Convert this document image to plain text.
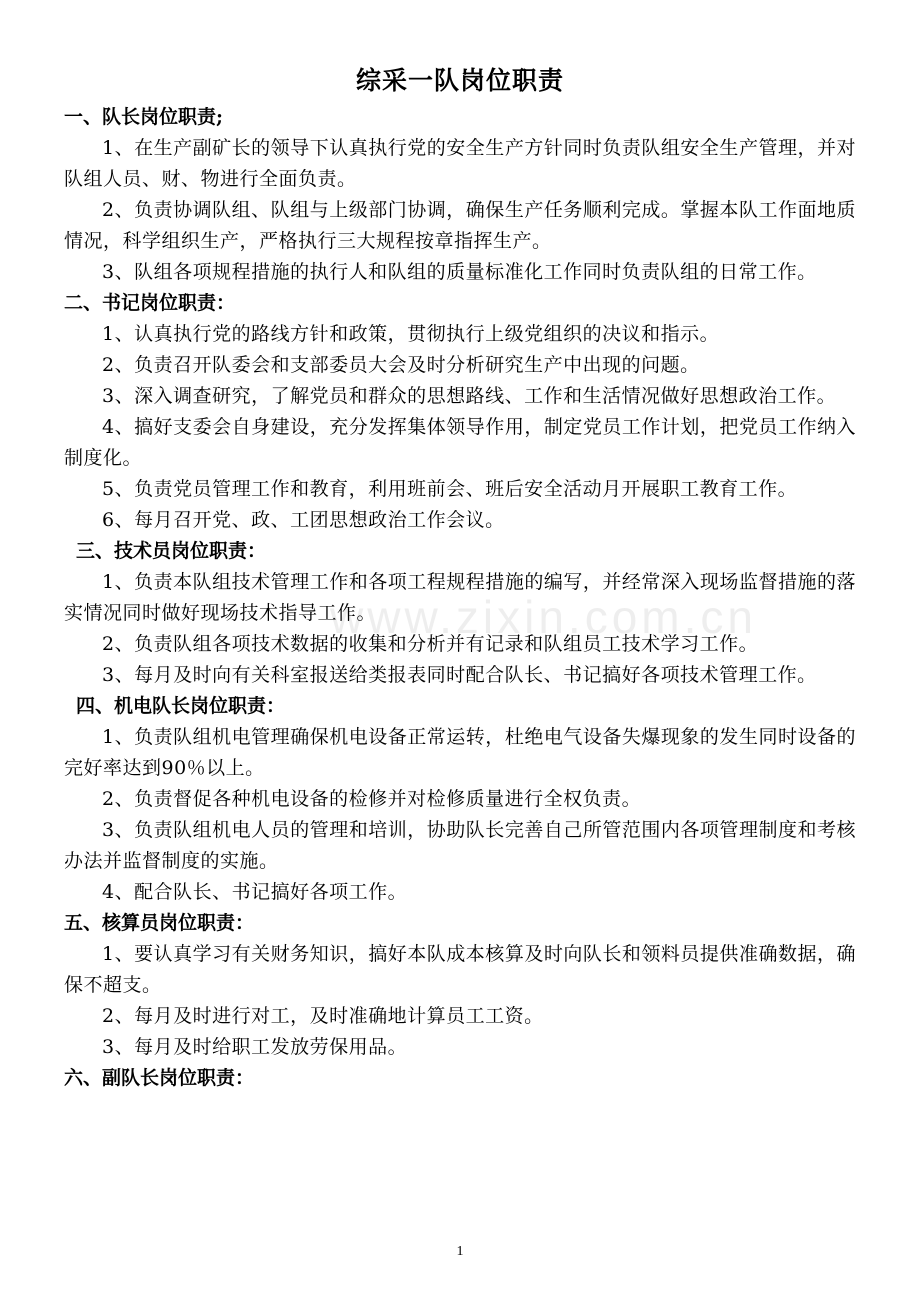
www.zixin.com.cn
综采一队岗位职责
一、队长岗位职责;

1、在生产副矿长的领导下认真执行党的安全生产方针同时负责队组安全生产管理，并对队组人员、财、物进行全面负责。

2、负责协调队组、队组与上级部门协调，确保生产任务顺利完成。掌握本队工作面地质情况，科学组织生产，严格执行三大规程按章指挥生产。

3、队组各项规程措施的执行人和队组的质量标准化工作同时负责队组的日常工作。

二、书记岗位职责：

1、认真执行党的路线方针和政策，贯彻执行上级党组织的决议和指示。

2、负责召开队委会和支部委员大会及时分析研究生产中出现的问题。

3、深入调查研究，了解党员和群众的思想路线、工作和生活情况做好思想政治工作。

4、搞好支委会自身建设，充分发挥集体领导作用，制定党员工作计划，把党员工作纳入制度化。

5、负责党员管理工作和教育，利用班前会、班后安全活动月开展职工教育工作。

6、每月召开党、政、工团思想政治工作会议。

三、技术员岗位职责：

1、负责本队组技术管理工作和各项工程规程措施的编写，并经常深入现场监督措施的落实情况同时做好现场技术指导工作。

2、负责队组各项技术数据的收集和分析并有记录和队组员工技术学习工作。

3、每月及时向有关科室报送给类报表同时配合队长、书记搞好各项技术管理工作。

四、机电队长岗位职责：

1、负责队组机电管理确保机电设备正常运转，杜绝电气设备失爆现象的发生同时设备的完好率达到90％以上。

2、负责督促各种机电设备的检修并对检修质量进行全权负责。

3、负责队组机电人员的管理和培训，协助队长完善自己所管范围内各项管理制度和考核办法并监督制度的实施。

4、配合队长、书记搞好各项工作。

五、核算员岗位职责：

1、要认真学习有关财务知识，搞好本队成本核算及时向队长和领料员提供准确数据，确保不超支。

2、每月及时进行对工，及时准确地计算员工工资。

3、每月及时给职工发放劳保用品。

六、副队长岗位职责：
1
